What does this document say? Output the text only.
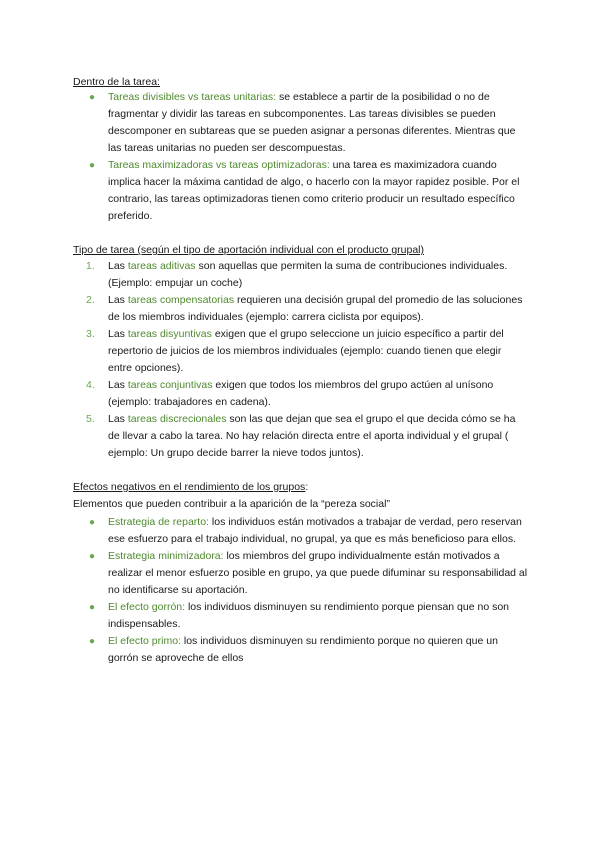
Dentro de la tarea:
● Tareas divisibles vs tareas unitarias: se establece a partir de la posibilidad o no de fragmentar y dividir las tareas en subcomponentes. Las tareas divisibles se pueden descomponer en subtareas que se pueden asignar a personas diferentes. Mientras que las tareas unitarias no pueden ser descompuestas.
● Tareas maximizadoras vs tareas optimizadoras: una tarea es maximizadora cuando implica hacer la máxima cantidad de algo, o hacerlo con la mayor rapidez posible. Por el contrario, las tareas optimizadoras tienen como criterio producir un resultado específico preferido.
Tipo de tarea (según el tipo de aportación individual con el producto grupal)
1. Las tareas aditivas son aquellas que permiten la suma de contribuciones individuales. (Ejemplo: empujar un coche)
2. Las tareas compensatorias requieren una decisión grupal del promedio de las soluciones de los miembros individuales (ejemplo: carrera ciclista por equipos).
3. Las tareas disyuntivas exigen que el grupo seleccione un juicio específico a partir del repertorio de juicios de los miembros individuales (ejemplo: cuando tienen que elegir entre opciones).
4. Las tareas conjuntivas exigen que todos los miembros del grupo actúen al unísono (ejemplo: trabajadores en cadena).
5. Las tareas discrecionales son las que dejan que sea el grupo el que decida cómo se ha de llevar a cabo la tarea. No hay relación directa entre el aporta individual y el grupal ( ejemplo: Un grupo decide barrer la nieve todos juntos).
Efectos negativos en el rendimiento de los grupos:
Elementos que pueden contribuir a la aparición de la “pereza social”
● Estrategia de reparto: los individuos están motivados a trabajar de verdad, pero reservan ese esfuerzo para el trabajo individual, no grupal, ya que es más beneficioso para ellos.
● Estrategia minimizadora: los miembros del grupo individualmente están motivados a realizar el menor esfuerzo posible en grupo, ya que puede difuminar su responsabilidad al no identificarse su aportación.
● El efecto gorrón: los individuos disminuyen su rendimiento porque piensan que no son indispensables.
● El efecto primo: los individuos disminuyen su rendimiento porque no quieren que un gorrón se aproveche de ellos
